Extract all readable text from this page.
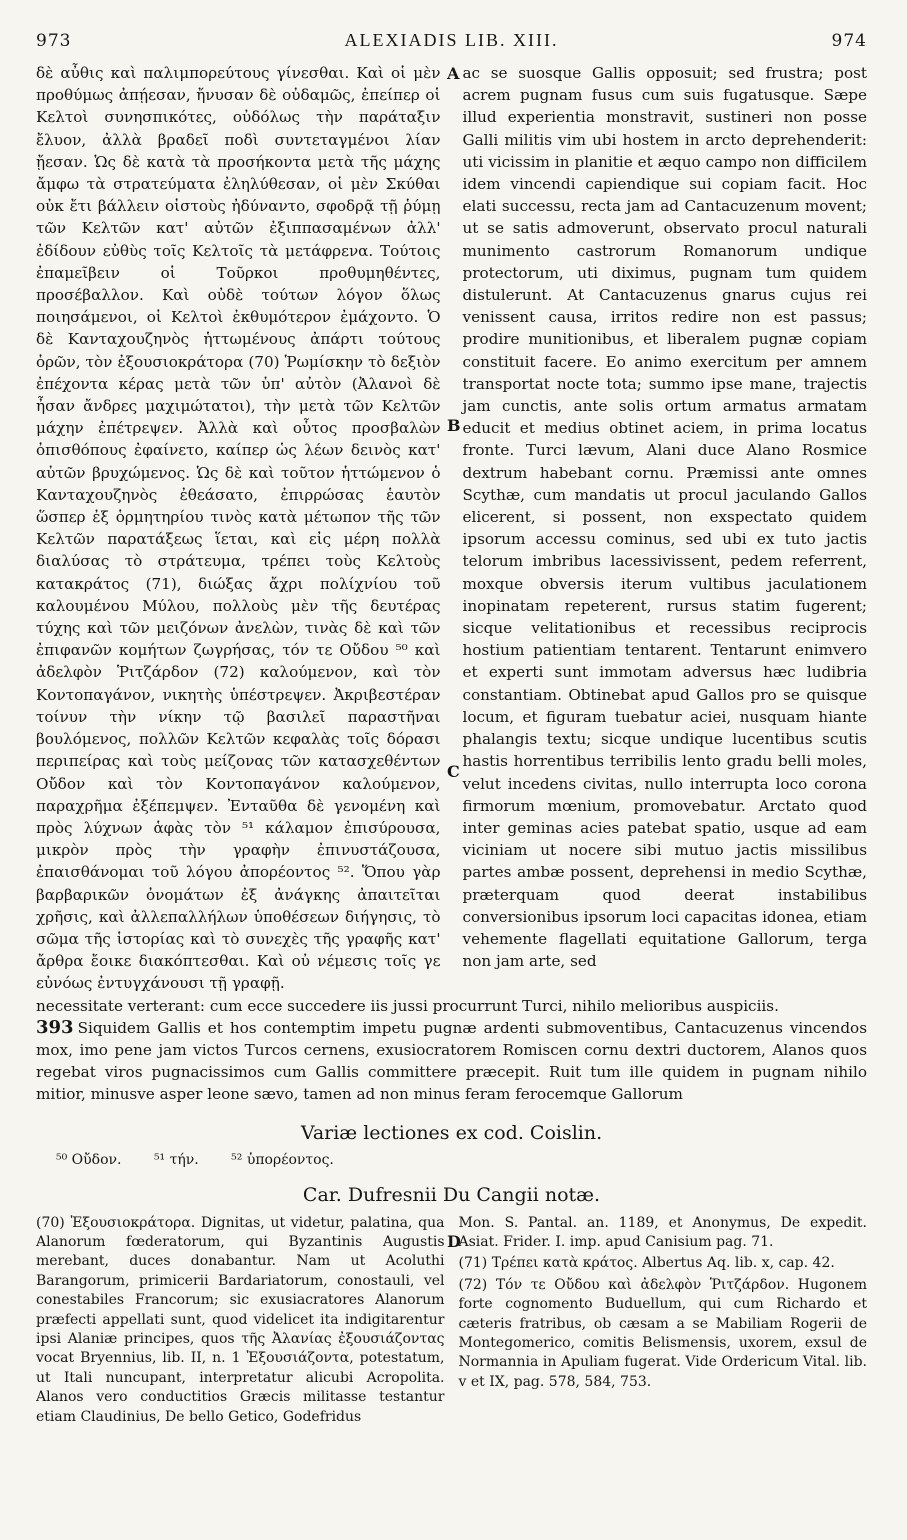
973	ALEXIADIS LIB. XIII.	974
A
B
C
D

δὲ αὖθις καὶ παλιμπορεύτους γίνεσθαι. Καὶ οἱ μὲν προθύμως ἀπῄεσαν, ἤνυσαν δὲ οὐδαμῶς, ἐπείπερ οἱ Κελτοὶ συνησπικότες, οὐδόλως τὴν παράταξιν ἔλυον, ἀλλὰ βραδεῖ ποδὶ συντεταγμένοι λίαν ᾔεσαν. Ὡς δὲ κατὰ τὰ προσήκοντα μετὰ τῆς μάχης ἄμφω τὰ στρατεύματα ἐληλύθεσαν, οἱ μὲν Σκύθαι οὐκ ἔτι βάλλειν οἰστοὺς ἠδύναντο, σφοδρᾷ τῇ ῥύμῃ τῶν Κελτῶν κατ' αὐτῶν ἐξιππασαμένων ἀλλ' ἐδίδουν εὐθὺς τοῖς Κελτοῖς τὰ μετάφρενα. Τούτοις ἐπαμεῖβειν οἱ Τοῦρκοι προθυμηθέντες, προσέβαλλον. Καὶ οὐδὲ τούτων λόγον ὅλως ποιησάμενοι, οἱ Κελτοὶ ἐκθυμότερον ἐμάχοντο. Ὁ δὲ Κανταχουζηνὸς ἡττωμένους ἀπάρτι τούτους ὁρῶν, τὸν ἐξουσιοκράτορα (70) Ῥωμίσκην τὸ δεξιὸν ἐπέχοντα κέρας μετὰ τῶν ὑπ' αὐτὸν (Ἀλανοὶ δὲ ἦσαν ἄνδρες μαχιμώτατοι), τὴν μετὰ τῶν Κελτῶν μάχην ἐπέτρεψεν. Ἀλλὰ καὶ οὗτος προσβαλὼν ὀπισθόπους ἐφαίνετο, καίπερ ὡς λέων δεινὸς κατ' αὐτῶν βρυχώμενος. Ὡς δὲ καὶ τοῦτον ἡττώμενον ὁ Κανταχουζηνὸς ἐθεάσατο, ἐπιρρώσας ἑαυτὸν ὥσπερ ἐξ ὁρμητηρίου τινὸς κατὰ μέτωπον τῆς τῶν Κελτῶν παρατάξεως ἵεται, καὶ εἰς μέρη πολλὰ διαλύσας τὸ στράτευμα, τρέπει τοὺς Κελτοὺς κατακράτος (71), διώξας ἄχρι πολίχνίου τοῦ καλουμένου Μύλου, πολλοὺς μὲν τῆς δευτέρας τύχης καὶ τῶν μειζόνων ἀνελὼν, τινὰς δὲ καὶ τῶν ἐπιφανῶν κομήτων ζωγρήσας, τόν τε Οὔδου ⁵⁰ καὶ ἀδελφὸν Ῥιτζάρδον (72) καλούμενον, καὶ τὸν Κοντοπαγάνον, νικητὴς ὑπέστρεψεν. Ἀκριβεστέραν τοίνυν τὴν νίκην τῷ βασιλεῖ παραστῆναι βουλόμενος, πολλῶν Κελτῶν κεφαλὰς τοῖς δόρασι περιπείρας καὶ τοὺς μείζονας τῶν κατασχεθέντων Οὔδον καὶ τὸν Κοντοπαγάνον καλούμενον, παραχρῆμα ἐξέπεμψεν. Ἐνταῦθα δὲ γενομένη καὶ πρὸς λύχνων ἁφὰς τὸν ⁵¹ κάλαμον ἐπισύρουσα, μικρὸν πρὸς τὴν γραφὴν ἐπινυστάζουσα, ἐπαισθάνομαι τοῦ λόγου ἀπορέοντος ⁵². Ὅπου γὰρ βαρβαρικῶν ὀνομάτων ἐξ ἀνάγκης ἀπαιτεῖται χρῆσις, καὶ ἀλλεπαλλήλων ὑποθέσεων διήγησις, τὸ σῶμα τῆς ἱστορίας καὶ τὸ συνεχὲς τῆς γραφῆς κατ' ἄρθρα ἔοικε διακόπτεσθαι. Καὶ οὐ νέμεσις τοῖς γε εὐνόως ἐντυγχάνουσι τῇ γραφῇ.

ac se suosque Gallis opposuit; sed frustra; post acrem pugnam fusus cum suis fugatusque. Sæpe illud experientia monstravit, sustineri non posse Galli militis vim ubi hostem in arcto deprehenderit: uti vicissim in planitie et æquo campo non difficilem idem vincendi capiendique sui copiam facit. Hoc elati successu, recta jam ad Cantacuzenum movent; ut se satis admoverunt, observato procul naturali munimento castrorum Romanorum undique protectorum, uti diximus, pugnam tum quidem distulerunt. At Cantacuzenus gnarus cujus rei venissent causa, irritos redire non est passus; prodire munitionibus, et liberalem pugnæ copiam constituit facere. Eo animo exercitum per amnem transportat nocte tota; summo ipse mane, trajectis jam cunctis, ante solis ortum armatus armatam educit et medius obtinet aciem, in prima locatus fronte. Turci lævum, Alani duce Alano Rosmice dextrum habebant cornu. Præmissi ante omnes Scythæ, cum mandatis ut procul jaculando Gallos elicerent, si possent, non exspectato quidem ipsorum accessu cominus, sed ubi ex tuto jactis telorum imbribus lacessivissent, pedem referrent, moxque obversis iterum vultibus jaculationem inopinatam repeterent, rursus statim fugerent; sicque velitationibus et recessibus reciprocis hostium patientiam tentarent. Tentarunt enimvero et experti sunt immotam adversus hæc ludibria constantiam. Obtinebat apud Gallos pro se quisque locum, et figuram tuebatur aciei, nusquam hiante phalangis textu; sicque undique lucentibus scutis hastis horrentibus terribilis lento gradu belli moles, velut incedens civitas, nullo interrupta loco corona firmorum mœnium, promovebatur. Arctato quod inter geminas acies patebat spatio, usque ad eam viciniam ut nocere sibi mutuo jactis missilibus partes ambæ possent, deprehensi in medio Scythæ, præterquam quod deerat instabilibus conversionibus ipsorum loci capacitas idonea, etiam vehemente flagellati equitatione Gallorum, terga non jam arte, sed

necessitate verterant: cum ecce succedere iis jussi procurrunt Turci, nihilo melioribus auspiciis.
393 Siquidem Gallis et hos contemptim impetu pugnæ ardenti submoventibus, Cantacuzenus vincendos mox, imo pene jam victos Turcos cernens, exusiocratorem Romiscen cornu dextri ductorem, Alanos quos regebat viros pugnacissimos cum Gallis committere præcepit. Ruit tum ille quidem in pugnam nihilo mitior, minusve asper leone sævo, tamen ad non minus feram ferocemque Gallorum
Variæ lectiones ex cod. Coislin.
⁵⁰ Οὔδον. ⁵¹ τήν. ⁵² ὑπορέοντος.
Car. Dufresnii Du Cangii notæ.

(70) Ἐξουσιοκράτορα. Dignitas, ut videtur, palatina, qua Alanorum fœderatorum, qui Byzantinis Augustis merebant, duces donabantur. Nam ut Acoluthi Barangorum, primicerii Bardariatorum, conostauli, vel conestabiles Francorum; sic exusiacratores Alanorum præfecti appellati sunt, quod videlicet ita indigitarentur ipsi Alaniæ principes, quos τῆς Ἀλανίας ἐξουσιάζοντας vocat Bryennius, lib. II, n. 1 Ἐξουσιάζοντα, potestatum, ut Itali nuncupant, interpretatur alicubi Acropolita. Alanos vero conductitios Græcis militasse testantur etiam Claudinius, De bello Getico, Godefridus

Mon. S. Pantal. an. 1189, et Anonymus, De expedit. Asiat. Frider. I. imp. apud Canisium pag. 71.

(71) Τρέπει κατὰ κράτος. Albertus Aq. lib. x, cap. 42.

(72) Τόν τε Οὔδου καὶ ἀδελφὸν Ῥιτζάρδον. Hugonem forte cognomento Buduellum, qui cum Richardo et cæteris fratribus, ob cæsam a se Mabiliam Rogerii de Montegomerico, comitis Belismensis, uxorem, exsul de Normannia in Apuliam fugerat. Vide Ordericum Vital. lib. v et IX, pag. 578, 584, 753.
